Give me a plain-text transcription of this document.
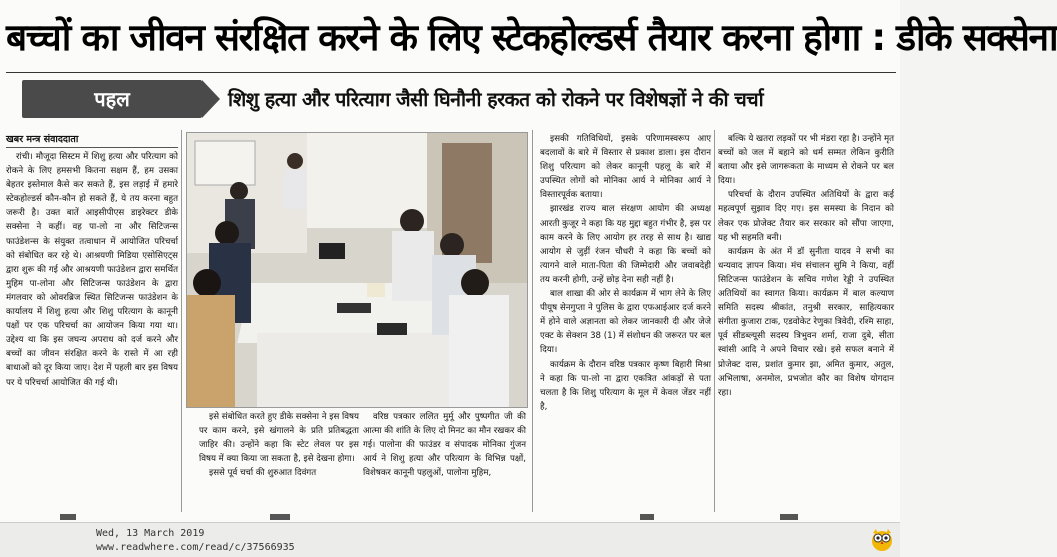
बच्चों का जीवन संरक्षित करने के लिए स्टेकहोल्डर्स तैयार करना होगा : डीके सक्सेना
पहल	शिशु हत्या और परित्याग जैसी घिनौनी हरकत को रोकने पर विशेषज्ञों ने की चर्चा
खबर मन्त्र संवाददाता

रांची। मौजूदा सिस्टम में शिशु हत्या और परित्याग को रोकने के लिए हमसभी कितना सक्षम हैं, हम उसका बेहतर इस्तेमाल कैसे कर सकते हैं, इस लड़ाई में हमारे स्टेकहोल्डर्स कौन-कौन हो सकते हैं, ये तय करना बहुत जरूरी है। उक्त बातें आइसीपीएस डाइरेक्टर डीके सक्सेना ने कहीं। वह पा-लो ना और सिटिजन्स फाउंडेशन्स के संयुक्त तत्वाधान में आयोजित परिचर्चा को संबोधित कर रहे थे। आश्रयणी मिडिया एसोसिएट्स द्वारा शुरू की गई और आश्रयणी फाउंडेशन द्वारा समर्थित मुहिम पा-लोना और सिटिजन्स फाउंडेशन के द्वारा मंगलवार को ओवरब्रिज स्थित सिटिजन्स फाउंडेशन के कार्यालय में शिशु हत्या और शिशु परित्याग के कानूनी पक्षों पर एक परिचर्चा का आयोजन किया गया था। उद्देश्य था कि इस जघन्य अपराध को दर्ज करने और बच्चों का जीवन संरक्षित करने के रास्ते में आ रही बाधाओं को दूर किया जाए। देश में पहली बार इस विषय पर ये परिचर्चा आयोजित की गई थी।

इसे संबोधित करते हुए डीके सक्सेना ने इस विषय पर काम करने, इसे खंगालने के प्रति प्रतिबद्धता जाहिर की। उन्होंने कहा कि स्टेट लेवल पर इस विषय में क्या किया जा सकता है, इसे देखना होगा।

इससे पूर्व चर्चा की शुरुआत दिवंगत

वरिष्ठ पत्रकार ललित मुर्मू और पुष्पगीत जी की आत्मा की शांति के लिए दो मिनट का मौन रखकर की गई। पालोना की फाउंडर व संपादक मोनिका गुंजन आर्य ने शिशु हत्या और परित्याग के विभिन्न पक्षों, विशेषकर कानूनी पहलुओं, पालोना मुहिम,

इसकी गतिविधियों, इसके परिणामस्वरूप आए बदलावों के बारे में विस्तार से प्रकाश डाला। इस दौरान शिशु परित्याग को लेकर कानूनी पहलू के बारे में उपस्थित लोगों को मोनिका आर्य ने मोनिका आर्य ने विस्तारपूर्वक बताया।

झारखंड राज्य बाल संरक्षण आयोग की अध्यक्ष आरती कुजूर ने कहा कि यह मुद्दा बहुत गंभीर है, इस पर काम करने के लिए आयोग हर तरह से साथ है। खाद्य आयोग से जुड़ीं रंजन चौधरी ने कहा कि बच्चों को त्यागने वाले माता-पिता की जिम्मेदारी और जवाबदेही तय करनी होगी, उन्हें छोड़ देना सही नहीं है।

बाल शाखा की ओर से कार्यक्रम में भाग लेने के लिए पीयूष सेनगुप्ता ने पुलिस के द्वारा एफआईआर दर्ज करने में होने वाले अज्ञानता को लेकर जानकारी दी और जेजे एक्ट के सेक्शन 38 (1) में संशोधन की जरूरत पर बल दिया।

कार्यक्रम के दौरान वरिष्ठ पत्रकार कृष्ण बिहारी मिश्रा ने कहा कि पा-लो ना द्वारा एकत्रित आंकड़ों से पता चलता है कि शिशु परित्याग के मूल में केवल जेंडर नहीं है,

बल्कि ये खतरा लड़कों पर भी मंडरा रहा है। उन्होंने मृत बच्चों को जल में बहाने को धर्म सम्मत लेकिन कुरीति बताया और इसे जागरूकता के माध्यम से रोकने पर बल दिया।

परिचर्चा के दौरान उपस्थित अतिथियों के द्वारा कई महत्वपूर्ण सुझाव दिए गए। इस समस्या के निदान को लेकर एक प्रोजेक्ट तैयार कर सरकार को सौंपा जाएगा, यह भी सहमति बनी।

कार्यक्रम के अंत में डॉ सुनीता यादव ने सभी का धन्यवाद ज्ञापन किया। मंच संचालन सुमि ने किया, वहीं सिटिजन्स फाउंडेशन के सचिव गणेश रेड्डी ने उपस्थित अतिथियों का स्वागत किया। कार्यक्रम में बाल कल्याण समिति सदस्य श्रीकांत, तनुश्री सरकार, साहित्यकार संगीता कुजारा टाक, एडवोकेट रेणुका त्रिवेदी, रश्मि साहा, पूर्व सीडब्ल्यूसी सदस्य त्रिभुवन शर्मा, राजा दुबे, सीता स्वांसी आदि ने अपने विचार रखे। इसे सफल बनाने में प्रोजेक्ट दास, प्रशांत कुमार झा, अमित कुमार, अतुल, अभिलाषा, अनमोल, प्रभजोत कौर का विशेष योगदान रहा।

Wed, 13 March 2019
www.readwhere.com/read/c/37566935
